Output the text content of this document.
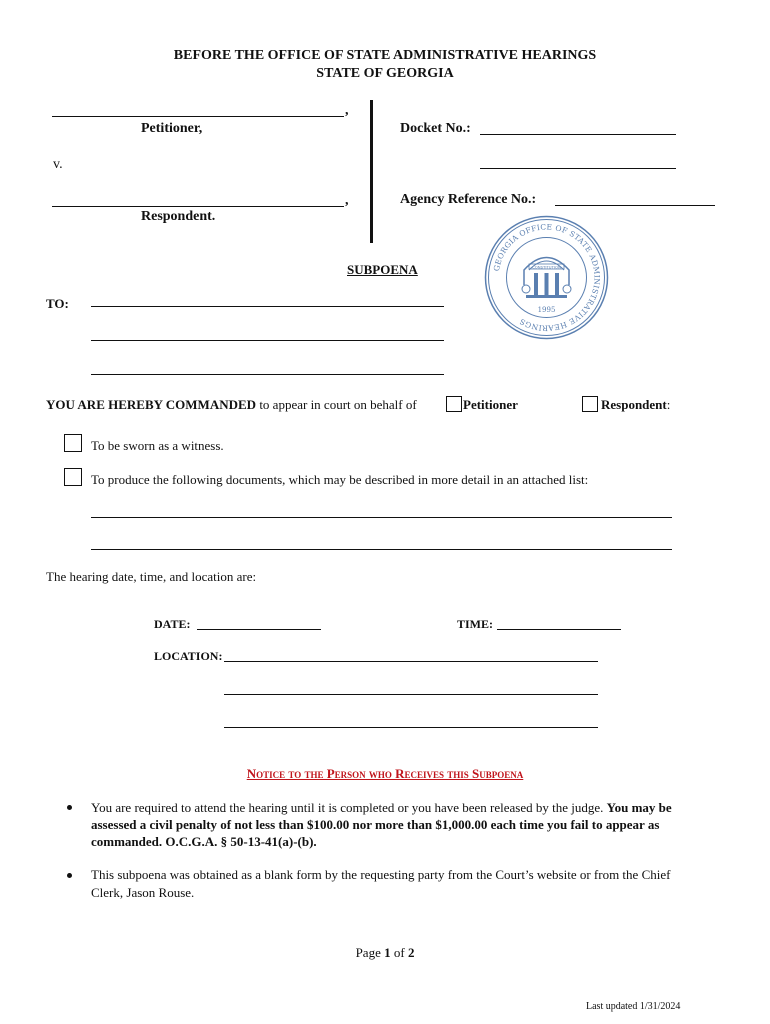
BEFORE THE OFFICE OF STATE ADMINISTRATIVE HEARINGS
STATE OF GEORGIA
,
Petitioner,
v.
,
Respondent.
Docket No.:
Agency Reference No.:
GEORGIA OFFICE OF STATE ADMINISTRATIVE HEARINGS
CONSTITUTION
1995
SUBPOENA
TO:
YOU ARE HEREBY COMMANDED to appear in court on behalf of	Petitioner	Respondent:
To be sworn as a witness.
To produce the following documents, which may be described in more detail in an attached list:
The hearing date, time, and location are:
DATE:	TIME:
LOCATION:
Notice to the Person who Receives this Subpoena
You are required to attend the hearing until it is completed or you have been released by the judge. You may be assessed a civil penalty of not less than $100.00 nor more than $1,000.00 each time you fail to appear as commanded. O.C.G.A. § 50-13-41(a)-(b).
This subpoena was obtained as a blank form by the requesting party from the Court’s website or from the Chief Clerk, Jason Rouse.
Page 1 of 2
Last updated 1/31/2024
